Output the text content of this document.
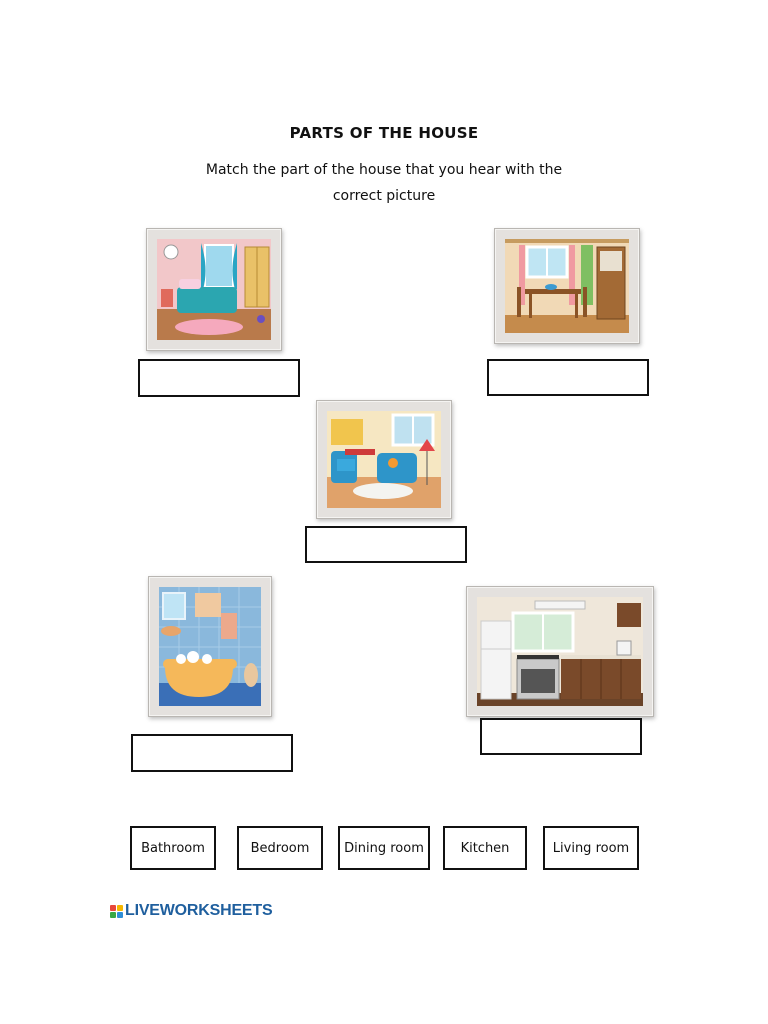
PARTS OF THE HOUSE
Match the part of the house that you hear with the
correct picture
Bathroom	Bedroom	Dining room	Kitchen	Living room
LIVEWORKSHEETS
